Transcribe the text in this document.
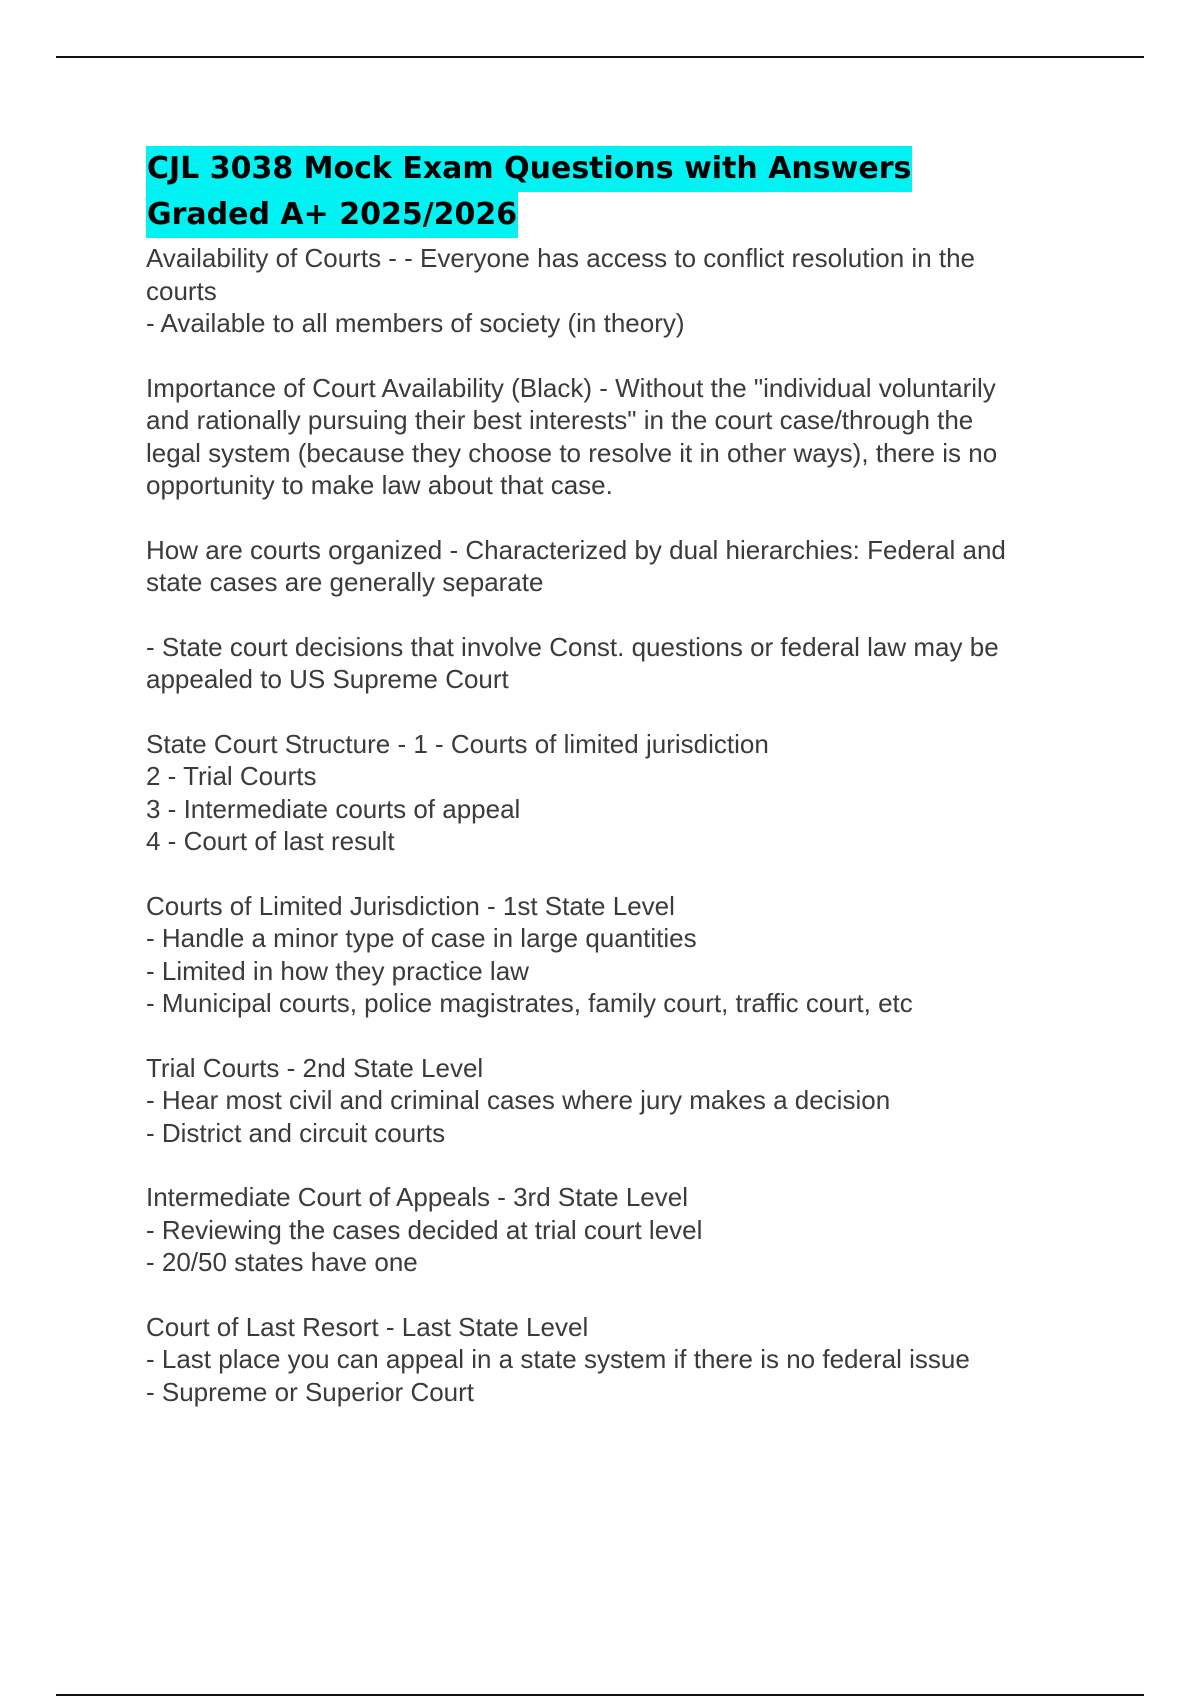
CJL 3038 Mock Exam Questions with Answers
Graded A+ 2025/2026
Availability of Courts - - Everyone has access to conflict resolution in the
courts
- Available to all members of society (in theory)
Importance of Court Availability (Black) - Without the "individual voluntarily
and rationally pursuing their best interests" in the court case/through the
legal system (because they choose to resolve it in other ways), there is no
opportunity to make law about that case.
How are courts organized - Characterized by dual hierarchies: Federal and
state cases are generally separate
- State court decisions that involve Const. questions or federal law may be
appealed to US Supreme Court
State Court Structure - 1 - Courts of limited jurisdiction
2 - Trial Courts
3 - Intermediate courts of appeal
4 - Court of last result
Courts of Limited Jurisdiction - 1st State Level
- Handle a minor type of case in large quantities
- Limited in how they practice law
- Municipal courts, police magistrates, family court, traffic court, etc
Trial Courts - 2nd State Level
- Hear most civil and criminal cases where jury makes a decision
- District and circuit courts
Intermediate Court of Appeals - 3rd State Level
- Reviewing the cases decided at trial court level
- 20/50 states have one
Court of Last Resort - Last State Level
- Last place you can appeal in a state system if there is no federal issue
- Supreme or Superior Court
